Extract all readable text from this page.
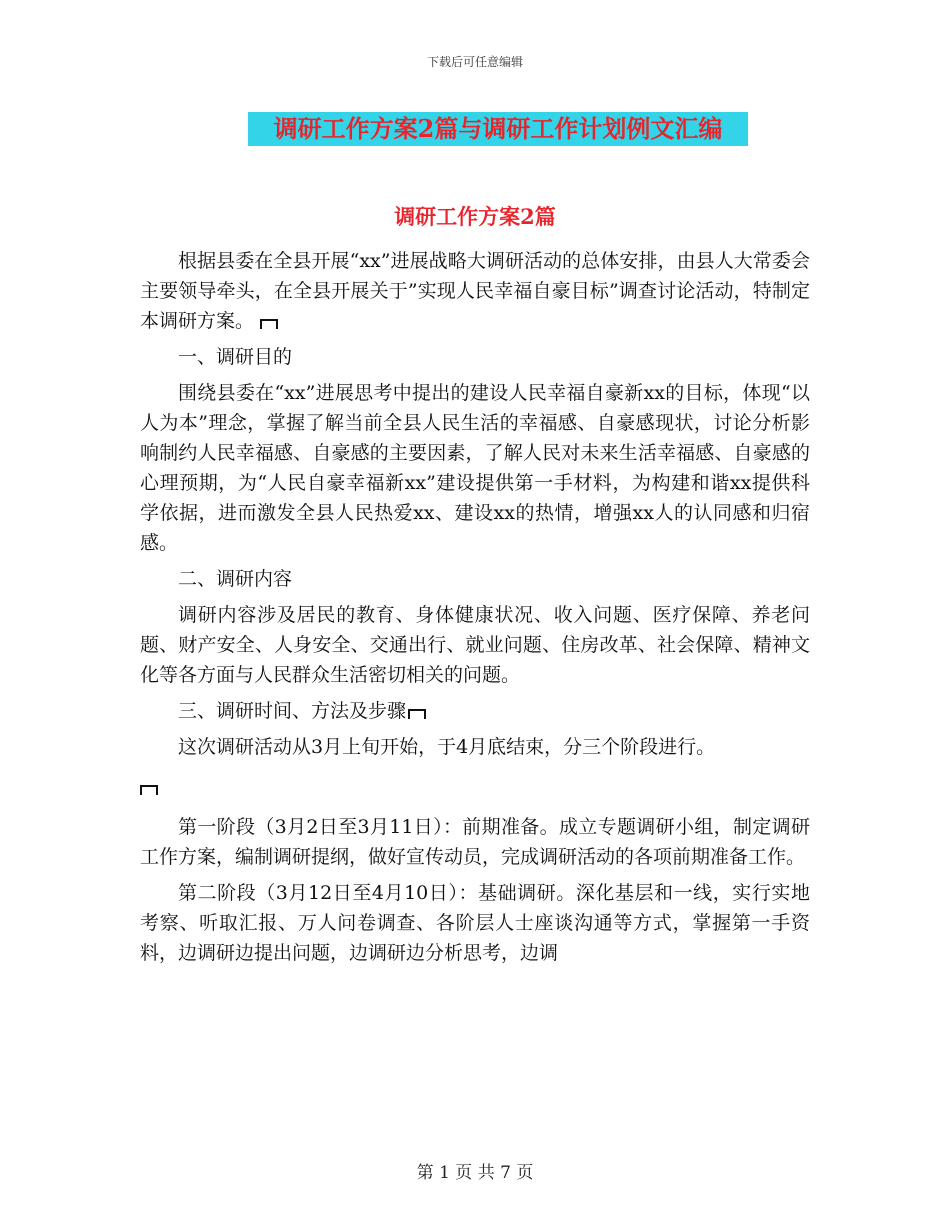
下载后可任意编辑
调研工作方案2篇与调研工作计划例文汇编
调研工作方案2篇

根据县委在全县开展“xx”进展战略大调研活动的总体安排，由县人大常委会主要领导牵头，在全县开展关于”实现人民幸福自豪目标”调查讨论活动，特制定本调研方案。

一、调研目的

围绕县委在“xx”进展思考中提出的建设人民幸福自豪新xx的目标，体现“以人为本”理念，掌握了解当前全县人民生活的幸福感、自豪感现状，讨论分析影响制约人民幸福感、自豪感的主要因素，了解人民对未来生活幸福感、自豪感的心理预期，为“人民自豪幸福新xx”建设提供第一手材料，为构建和谐xx提供科学依据，进而激发全县人民热爱xx、建设xx的热情，增强xx人的认同感和归宿感。

二、调研内容

调研内容涉及居民的教育、身体健康状况、收入问题、医疗保障、养老问题、财产安全、人身安全、交通出行、就业问题、住房改革、社会保障、精神文化等各方面与人民群众生活密切相关的问题。

三、调研时间、方法及步骤

这次调研活动从3月上旬开始，于4月底结束，分三个阶段进行。

第一阶段（3月2日至3月11日）：前期准备。成立专题调研小组，制定调研工作方案，编制调研提纲，做好宣传动员，完成调研活动的各项前期准备工作。

第二阶段（3月12日至4月10日）：基础调研。深化基层和一线，实行实地考察、听取汇报、万人问卷调查、各阶层人士座谈沟通等方式，掌握第一手资料，边调研边提出问题，边调研边分析思考，边调

第 1 页 共 7 页
